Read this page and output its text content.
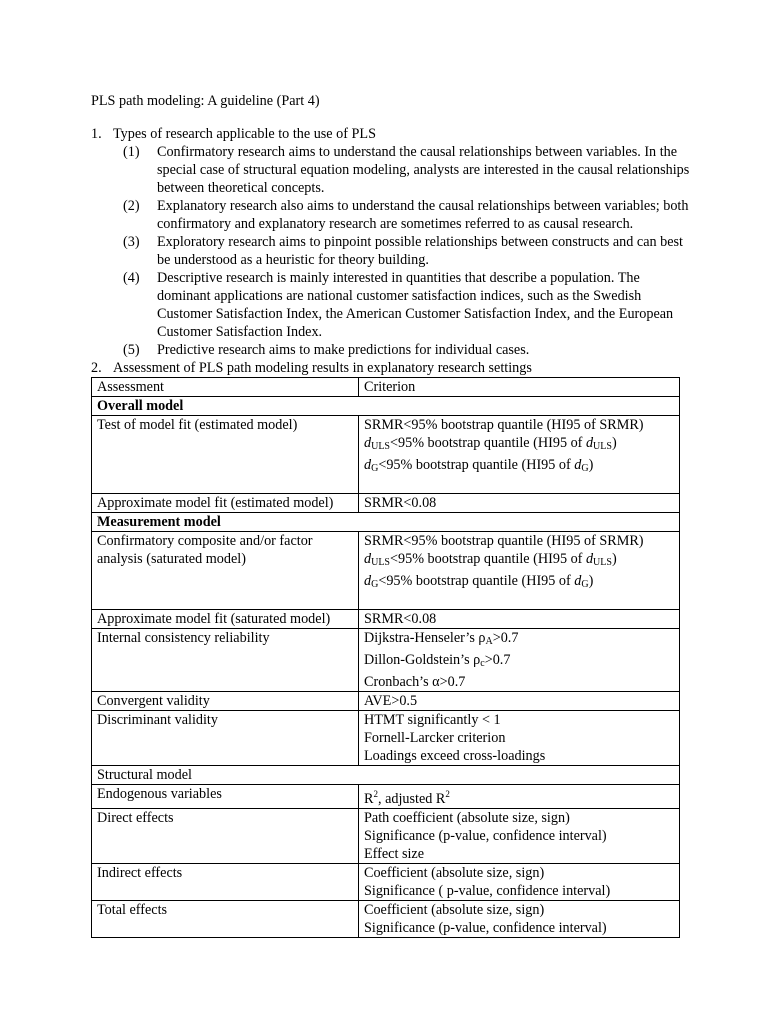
PLS path modeling: A guideline (Part 4)
1. Types of research applicable to the use of PLS
(1)	Confirmatory research aims to understand the causal relationships between variables. In the special case of structural equation modeling, analysts are interested in the causal relationships between theoretical concepts.
(2)	Explanatory research also aims to understand the causal relationships between variables; both confirmatory and explanatory research are sometimes referred to as causal research.
(3)	Exploratory research aims to pinpoint possible relationships between constructs and can best be understood as a heuristic for theory building.
(4)	Descriptive research is mainly interested in quantities that describe a population. The dominant applications are national customer satisfaction indices, such as the Swedish Customer Satisfaction Index, the American Customer Satisfaction Index, and the European Customer Satisfaction Index.
(5)	Predictive research aims to make predictions for individual cases.
2. Assessment of PLS path modeling results in explanatory research settings
Assessment	Criterion
Overall model	
Test of model fit (estimated model)	SRMR<95% bootstrap quantile (HI95 of SRMR)
$d_{ULS}<95\%$ bootstrap quantile (HI95 of $d_{ULS}$)
$d_G<95\%$ bootstrap quantile (HI95 of $d_G$)

Approximate model fit (estimated model)	SRMR<0.08
Measurement model	
Confirmatory composite and/or factor analysis (saturated model)	SRMR<95% bootstrap quantile (HI95 of SRMR)
$d_{ULS}<95\%$ bootstrap quantile (HI95 of $d_{ULS}$)
$d_G<95\%$ bootstrap quantile (HI95 of $d_G$)

Approximate model fit (saturated model)	SRMR<0.08
Internal consistency reliability	Dijkstra-Henseler’s $\rho_A>0.7$
Dillon-Goldstein’s $\rho_c>0.7$
Cronbach’s α>0.7

Convergent validity	AVE>0.5
Discriminant validity	HTMT significantly < 1
Fornell-Larcker criterion
Loadings exceed cross-loadings

Structural model	
Endogenous variables	$R^2$, adjusted $R^2$
Direct effects	Path coefficient (absolute size, sign)
Significance (p-value, confidence interval)
Effect size

Indirect effects	Coefficient (absolute size, sign)
Significance ( p-value, confidence interval)

Total effects	Coefficient (absolute size, sign)
Significance (p-value, confidence interval)
